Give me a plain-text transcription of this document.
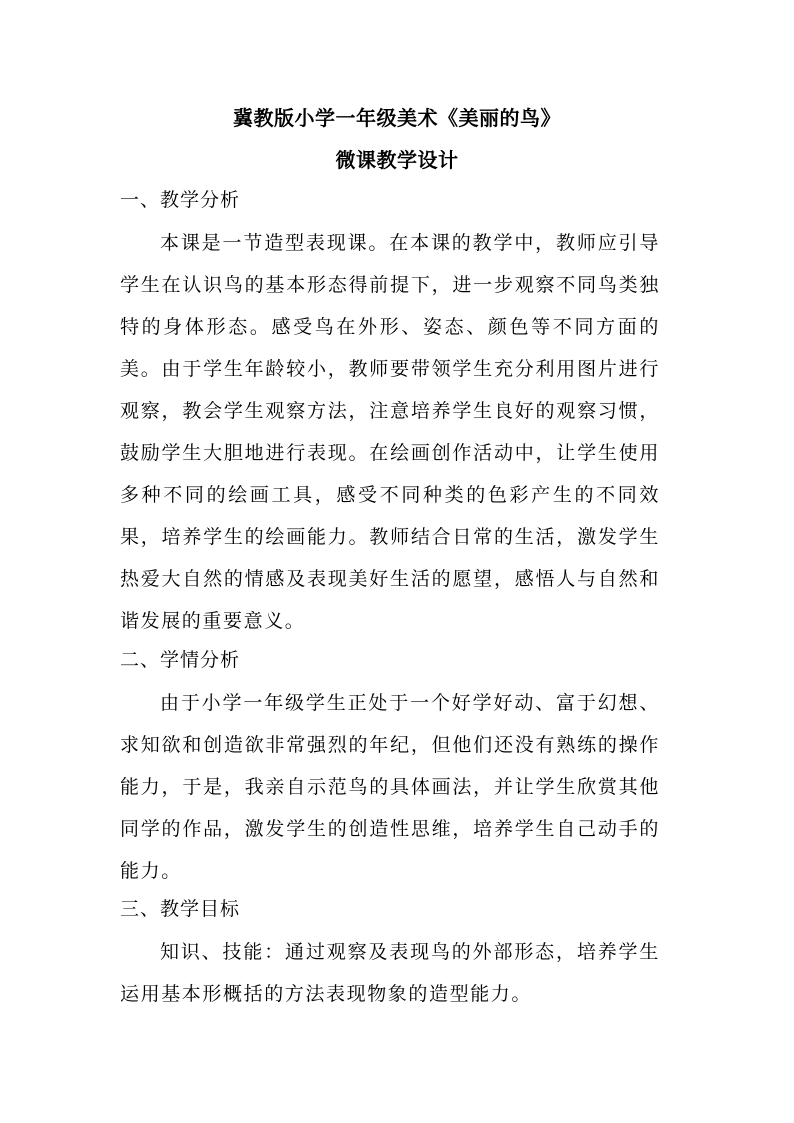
冀教版小学一年级美术《美丽的鸟》
微课教学设计
一、教学分析
本课是一节造型表现课。在本课的教学中，教师应引导学生在认识鸟的基本形态得前提下，进一步观察不同鸟类独特的身体形态。感受鸟在外形、姿态、颜色等不同方面的美。由于学生年龄较小，教师要带领学生充分利用图片进行观察，教会学生观察方法，注意培养学生良好的观察习惯，鼓励学生大胆地进行表现。在绘画创作活动中，让学生使用多种不同的绘画工具，感受不同种类的色彩产生的不同效果，培养学生的绘画能力。教师结合日常的生活，激发学生热爱大自然的情感及表现美好生活的愿望，感悟人与自然和谐发展的重要意义。
二、学情分析
由于小学一年级学生正处于一个好学好动、富于幻想、求知欲和创造欲非常强烈的年纪，但他们还没有熟练的操作能力，于是，我亲自示范鸟的具体画法，并让学生欣赏其他同学的作品，激发学生的创造性思维，培养学生自己动手的能力。
三、教学目标
知识、技能：通过观察及表现鸟的外部形态，培养学生运用基本形概括的方法表现物象的造型能力。
